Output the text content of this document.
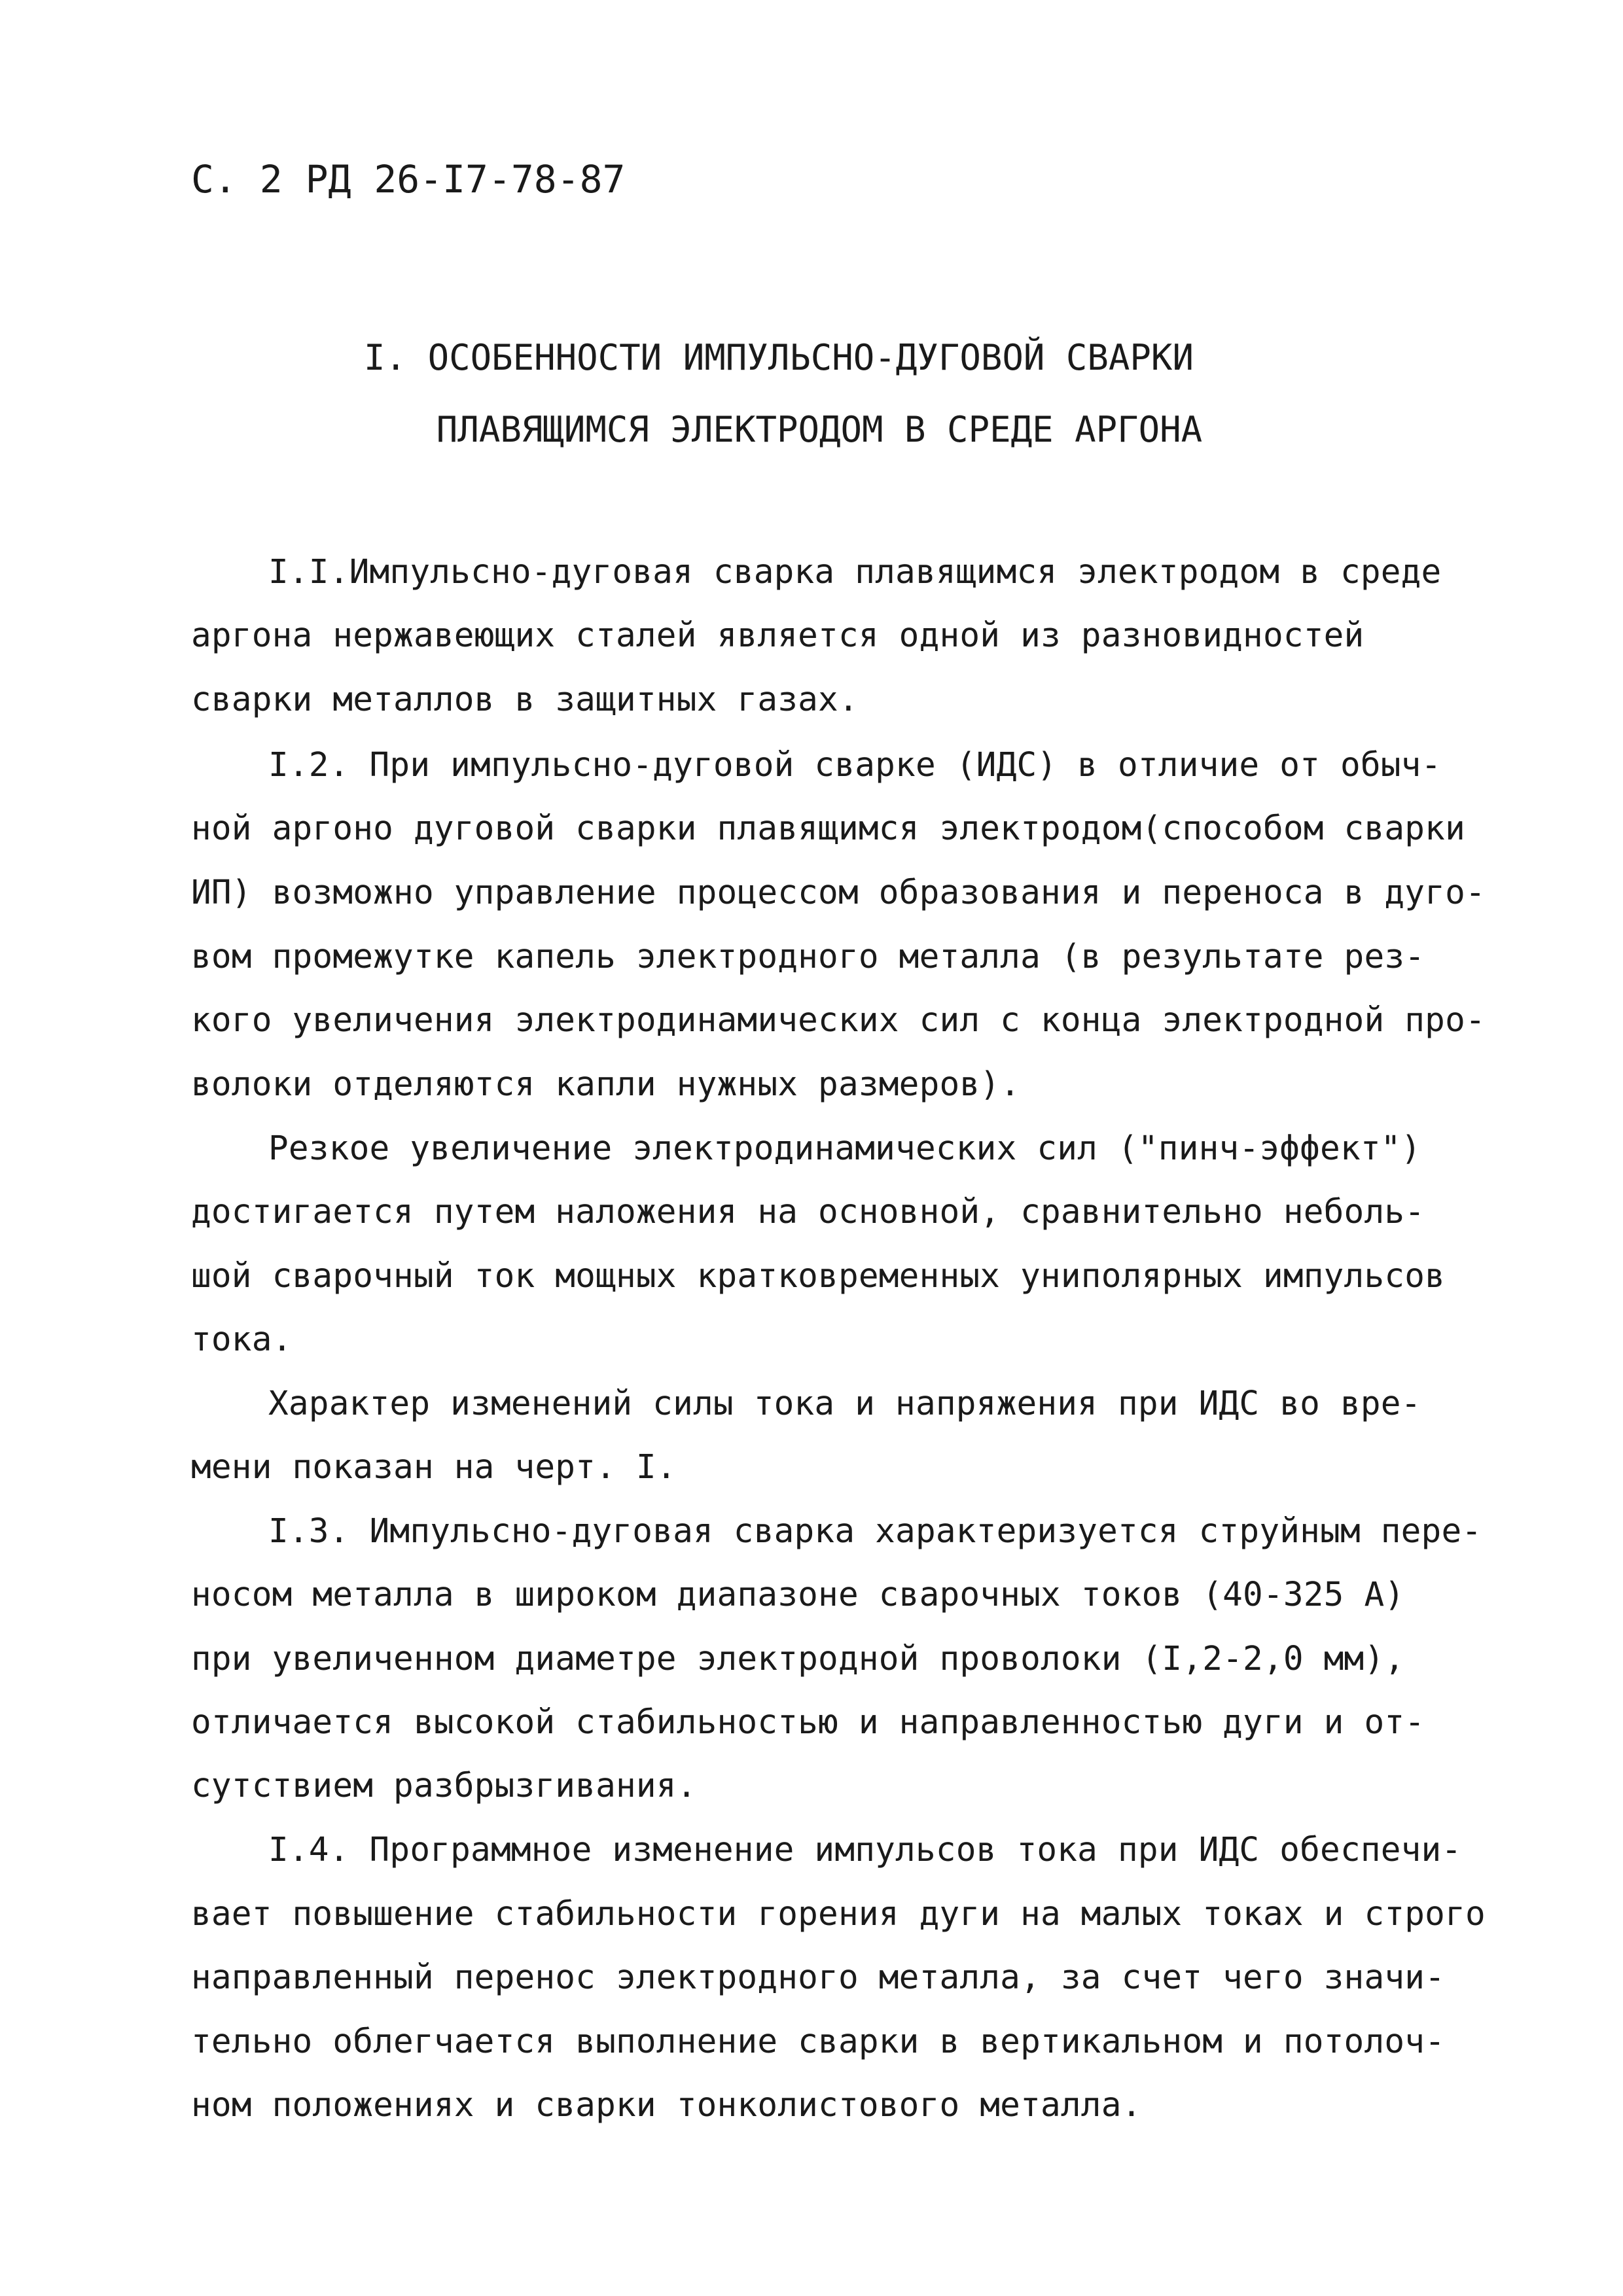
С. 2 РД 26-I7-78-87
I. ОСОБЕННОСТИ ИМПУЛЬСНО-ДУГОВОЙ СВАРКИ
ПЛАВЯЩИМСЯ ЭЛЕКТРОДОМ В СРЕДЕ АРГОНА
I.I.Импульсно-дуговая сварка плавящимся электродом в среде
аргона нержавеющих сталей является одной из разновидностей
сварки металлов в защитных газах.
I.2. При импульсно-дуговой сварке (ИДС) в отличие от обыч-
ной аргоно дуговой сварки плавящимся электродом(способом сварки
ИП) возможно управление процессом образования и переноса в дуго-
вом промежутке капель электродного металла (в результате рез-
кого увеличения электродинамических сил с конца электродной про-
волоки отделяются капли нужных размеров).
Резкое увеличение электродинамических сил ("пинч-эффект")
достигается путем наложения на основной, сравнительно неболь-
шой сварочный ток мощных кратковременных униполярных импульсов
тока.
Характер изменений силы тока и напряжения при ИДС во вре-
мени показан на черт. I.
I.3. Импульсно-дуговая сварка характеризуется струйным пере-
носом металла в широком диапазоне сварочных токов (40-325 А)
при увеличенном диаметре электродной проволоки (I,2-2,0 мм),
отличается высокой стабильностью и направленностью дуги и от-
сутствием разбрызгивания.
I.4. Программное изменение импульсов тока при ИДС обеспечи-
вает повышение стабильности горения дуги на малых токах и строго
направленный перенос электродного металла, за счет чего значи-
тельно облегчается выполнение сварки в вертикальном и потолоч-
ном положениях и сварки тонколистового металла.
